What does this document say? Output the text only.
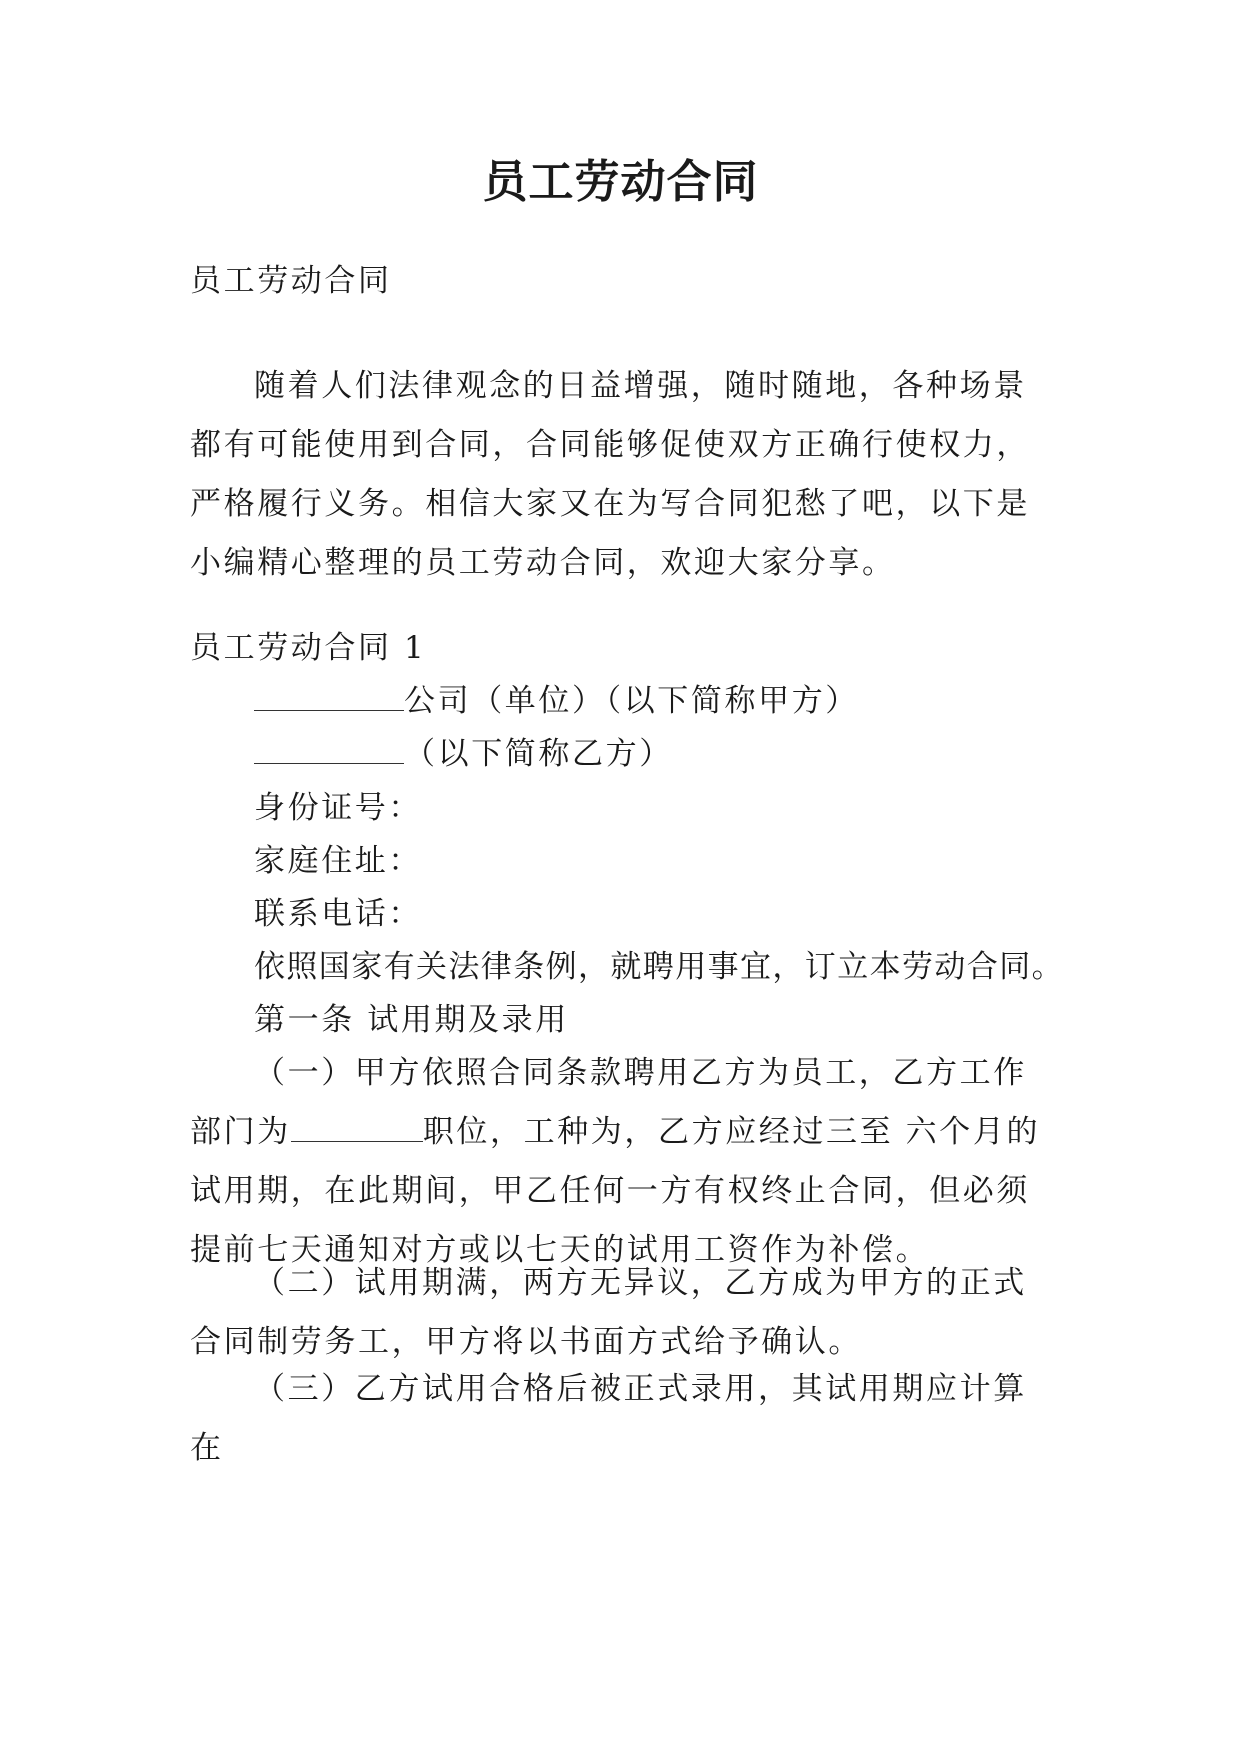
员工劳动合同

员工劳动合同

随着人们法律观念的日益增强，随时随地，各种场景都有可能使用到合同，合同能够促使双方正确行使权力，严格履行义务。相信大家又在为写合同犯愁了吧，以下是小编精心整理的员工劳动合同，欢迎大家分享。

员工劳动合同 1

公司（单位）（以下简称甲方）

（以下简称乙方）

身份证号：

家庭住址：

联系电话：

依照国家有关法律条例，就聘用事宜，订立本劳动合同。

第一条 试用期及录用

（一）甲方依照合同条款聘用乙方为员工，乙方工作部门为	职位，工种为，乙方应经过三至 六个月的试用期，在此期间，甲乙任何一方有权终止合同，但必须提前七天通知对方或以七天的试用工资作为补偿。

（二）试用期满，两方无异议，乙方成为甲方的正式合同制劳务工，甲方将以书面方式给予确认。

（三）乙方试用合格后被正式录用，其试用期应计算在
